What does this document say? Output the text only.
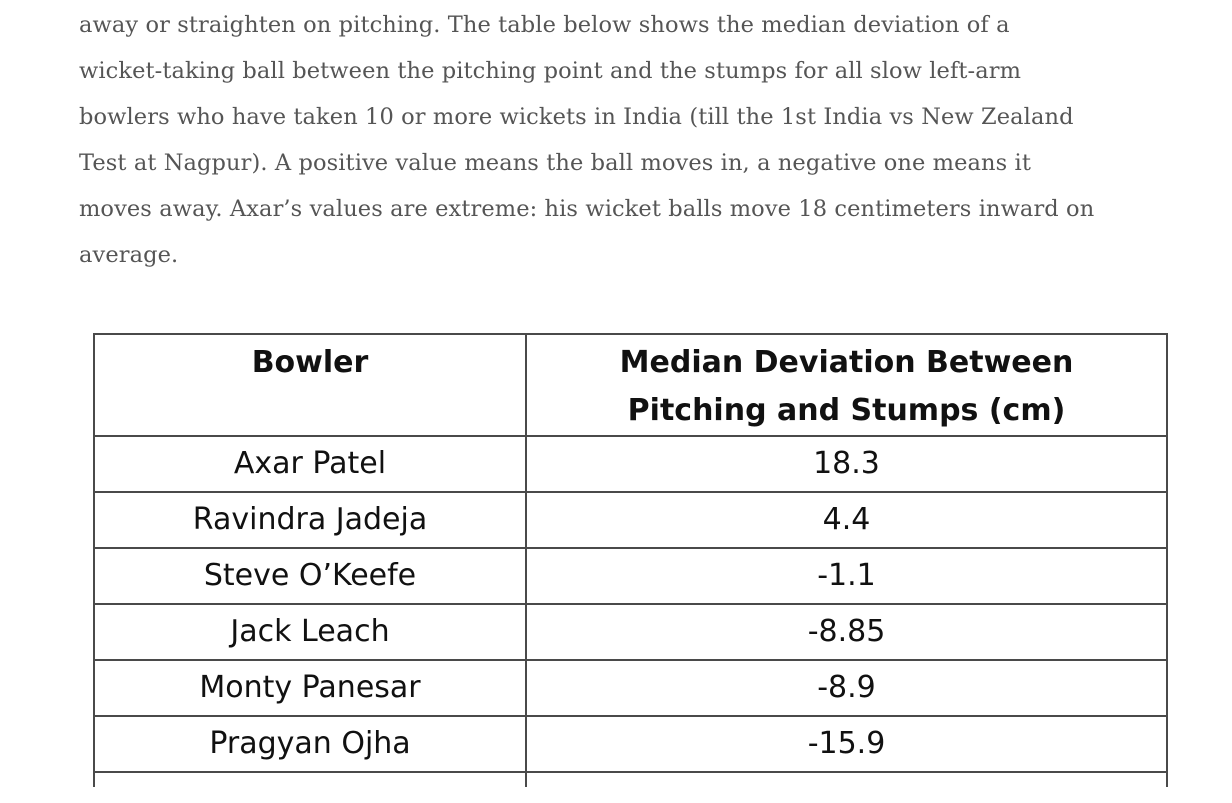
away or straighten on pitching. The table below shows the median deviation of a
wicket-taking ball between the pitching point and the stumps for all slow left-arm
bowlers who have taken 10 or more wickets in India (till the 1st India vs New Zealand
Test at Nagpur). A positive value means the ball moves in, a negative one means it
moves away. Axar’s values are extreme: his wicket balls move 18 centimeters inward on
average.

Bowler	Median Deviation Between
Pitching and Stumps (cm)
Axar Patel	18.3
Ravindra Jadeja	4.4
Steve O’Keefe	-1.1
Jack Leach	-8.85
Monty Panesar	-8.9
Pragyan Ojha	-15.9
